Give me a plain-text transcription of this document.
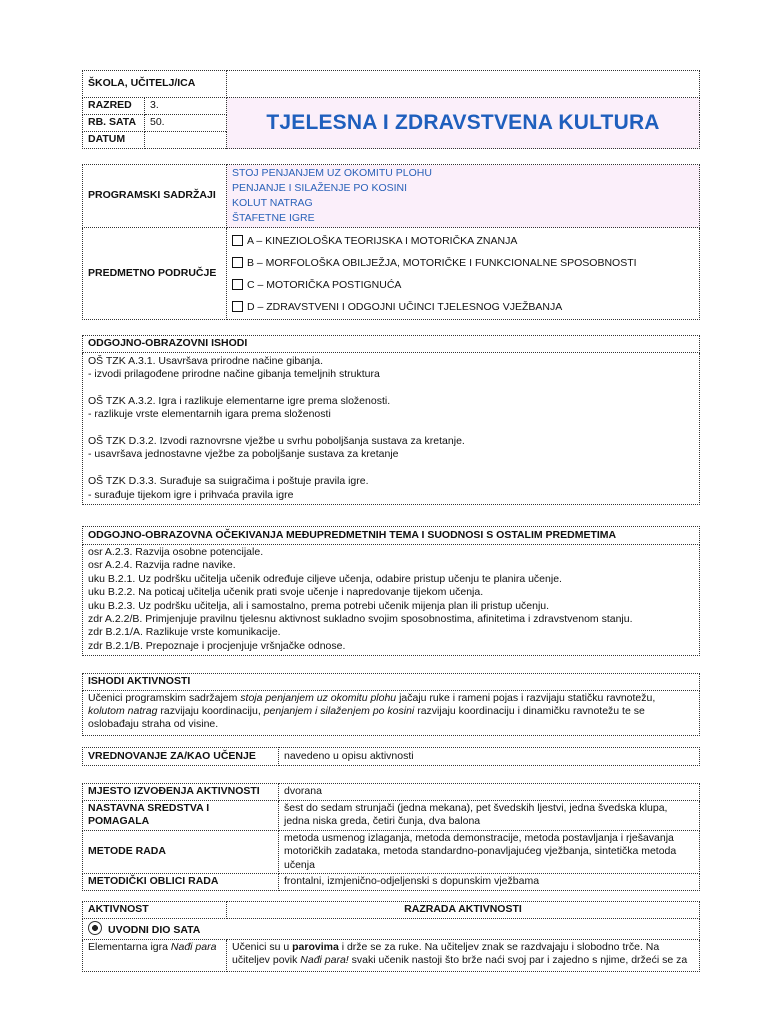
ŠKOLA, UČITELJ/ICA		
RAZRED	3.	TJELESNA I ZDRAVSTVENA KULTURA
RB. SATA	50.	
DATUM		
PROGRAMSKI SADRŽAJI	STOJ PENJANJEM UZ OKOMITU PLOHU
PENJANJE I SILAŽENJE PO KOSINI
KOLUT NATRAG
ŠTAFETNE IGRE

PREDMETNO PODRUČJE	A – KINEZIOLOŠKA TEORIJSKA I MOTORIČKA ZNANJA
B – MORFOLOŠKA OBILJEŽJA, MOTORIČKE I FUNKCIONALNE SPOSOBNOSTI
C – MOTORIČKA POSTIGNUĆA
D – ZDRAVSTVENI I ODGOJNI UČINCI TJELESNOG VJEŽBANJA
ODGOJNO-OBRAZOVNI ISHODI

OŠ TZK A.3.1. Usavršava prirodne načine gibanja.
- izvodi prilagođene prirodne načine gibanja temeljnih struktura
OŠ TZK A.3.2. Igra i razlikuje elementarne igre prema složenosti.
- razlikuje vrste elementarnih igara prema složenosti
OŠ TZK D.3.2. Izvodi raznovrsne vježbe u svrhu poboljšanja sustava za kretanje.
- usavršava jednostavne vježbe za poboljšanje sustava za kretanje
OŠ TZK D.3.3. Surađuje sa suigračima i poštuje pravila igre.
- surađuje tijekom igre i prihvaća pravila igre
ODGOJNO-OBRAZOVNA OČEKIVANJA MEĐUPREDMETNIH TEMA I SUODNOSI S OSTALIM PREDMETIMA

osr A.2.3. Razvija osobne potencijale.
osr A.2.4. Razvija radne navike.
uku B.2.1. Uz podršku učitelja učenik određuje ciljeve učenja, odabire pristup učenju te planira učenje.
uku B.2.2. Na poticaj učitelja učenik prati svoje učenje i napredovanje tijekom učenja.
uku B.2.3. Uz podršku učitelja, ali i samostalno, prema potrebi učenik mijenja plan ili pristup učenju.
zdr A.2.2/B. Primjenjuje pravilnu tjelesnu aktivnost sukladno svojim sposobnostima, afinitetima i zdravstvenom stanju.
zdr B.2.1/A. Razlikuje vrste komunikacije.
zdr B.2.1/B. Prepoznaje i procjenjuje vršnjačke odnose.
ISHODI AKTIVNOSTI

Učenici programskim sadržajem stoja penjanjem uz okomitu plohu jačaju ruke i rameni pojas i razvijaju statičku ravnotežu,
kolutom natrag razvijaju koordinaciju, penjanjem i silaženjem po kosini razvijaju koordinaciju i dinamičku ravnotežu te se
oslobađaju straha od visine.
VREDNOVANJE ZA/KAO UČENJE	navedeno u opisu aktivnosti
MJESTO IZVOĐENJA AKTIVNOSTI	dvorana
NASTAVNA SREDSTVA I POMAGALA	šest do sedam strunjači (jedna mekana), pet švedskih ljestvi, jedna švedska klupa, jedna niska greda, četiri čunja, dva balona
METODE RADA	metoda usmenog izlaganja, metoda demonstracije, metoda postavljanja i rješavanja motoričkih zadataka, metoda standardno-ponavljajućeg vježbanja, sintetička metoda učenja
METODIČKI OBLICI RADA	frontalni, izmjenično-odjeljenski s dopunskim vježbama
AKTIVNOST	RAZRADA AKTIVNOSTI
UVODNI DIO SATA	
Elementarna igra Nađi para	Učenici su u parovima i drže se za ruke. Na učiteljev znak se razdvajaju i slobodno trče. Na
učiteljev povik Nađi para! svaki učenik nastoji što brže naći svoj par i zajedno s njime, držeći se za
